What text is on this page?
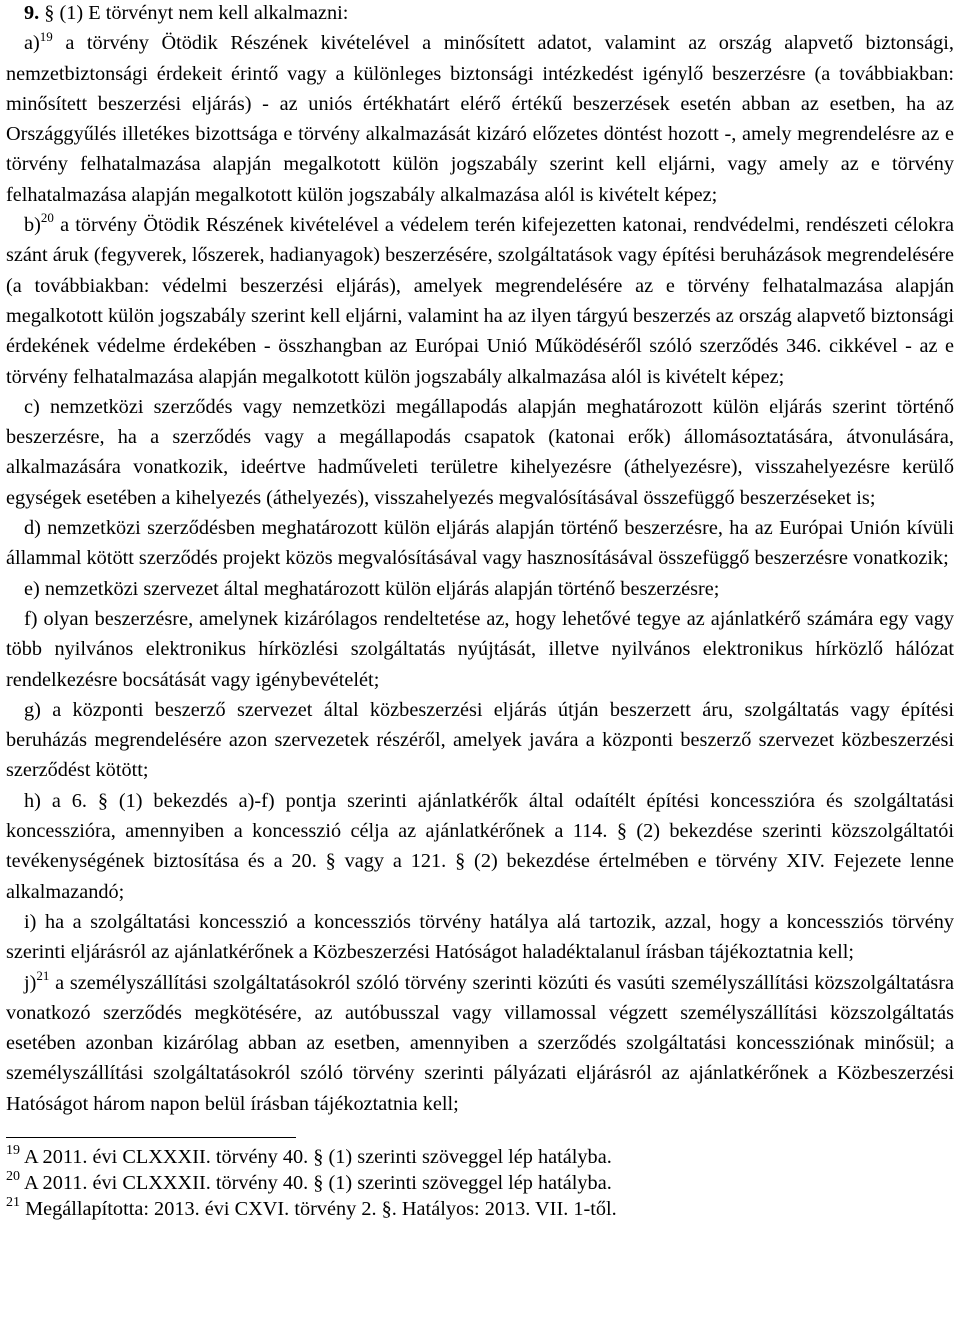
9. § (1) E törvényt nem kell alkalmazni:

a)$^{19}$ a törvény Ötödik Részének kivételével a minősített adatot, valamint az ország alapvető biztonsági, nemzetbiztonsági érdekeit érintő vagy a különleges biztonsági intézkedést igénylő beszerzésre (a továbbiakban: minősített beszerzési eljárás) - az uniós értékhatárt elérő értékű beszerzések esetén abban az esetben, ha az Országgyűlés illetékes bizottsága e törvény alkalmazását kizáró előzetes döntést hozott -, amely megrendelésre az e törvény felhatalmazása alapján megalkotott külön jogszabály szerint kell eljárni, vagy amely az e törvény felhatalmazása alapján megalkotott külön jogszabály alkalmazása alól is kivételt képez;

b)$^{20}$ a törvény Ötödik Részének kivételével a védelem terén kifejezetten katonai, rendvédelmi, rendészeti célokra szánt áruk (fegyverek, lőszerek, hadianyagok) beszerzésére, szolgáltatások vagy építési beruházások megrendelésére (a továbbiakban: védelmi beszerzési eljárás), amelyek megrendelésére az e törvény felhatalmazása alapján megalkotott külön jogszabály szerint kell eljárni, valamint ha az ilyen tárgyú beszerzés az ország alapvető biztonsági érdekének védelme érdekében - összhangban az Európai Unió Működéséről szóló szerződés 346. cikkével - az e törvény felhatalmazása alapján megalkotott külön jogszabály alkalmazása alól is kivételt képez;

c) nemzetközi szerződés vagy nemzetközi megállapodás alapján meghatározott külön eljárás szerint történő beszerzésre, ha a szerződés vagy a megállapodás csapatok (katonai erők) állomásoztatására, átvonulására, alkalmazására vonatkozik, ideértve hadműveleti területre kihelyezésre (áthelyezésre), visszahelyezésre kerülő egységek esetében a kihelyezés (áthelyezés), visszahelyezés megvalósításával összefüggő beszerzéseket is;

d) nemzetközi szerződésben meghatározott külön eljárás alapján történő beszerzésre, ha az Európai Unión kívüli állammal kötött szerződés projekt közös megvalósításával vagy hasznosításával összefüggő beszerzésre vonatkozik;

e) nemzetközi szervezet által meghatározott külön eljárás alapján történő beszerzésre;

f) olyan beszerzésre, amelynek kizárólagos rendeltetése az, hogy lehetővé tegye az ajánlatkérő számára egy vagy több nyilvános elektronikus hírközlési szolgáltatás nyújtását, illetve nyilvános elektronikus hírközlő hálózat rendelkezésre bocsátását vagy igénybevételét;

g) a központi beszerző szervezet által közbeszerzési eljárás útján beszerzett áru, szolgáltatás vagy építési beruházás megrendelésére azon szervezetek részéről, amelyek javára a központi beszerző szervezet közbeszerzési szerződést kötött;

h) a 6. § (1) bekezdés a)-f) pontja szerinti ajánlatkérők által odaítélt építési koncesszióra és szolgáltatási koncesszióra, amennyiben a koncesszió célja az ajánlatkérőnek a 114. § (2) bekezdése szerinti közszolgáltatói tevékenységének biztosítása és a 20. § vagy a 121. § (2) bekezdése értelmében e törvény XIV. Fejezete lenne alkalmazandó;

i) ha a szolgáltatási koncesszió a koncessziós törvény hatálya alá tartozik, azzal, hogy a koncessziós törvény szerinti eljárásról az ajánlatkérőnek a Közbeszerzési Hatóságot haladéktalanul írásban tájékoztatnia kell;

j)$^{21}$ a személyszállítási szolgáltatásokról szóló törvény szerinti közúti és vasúti személyszállítási közszolgáltatásra vonatkozó szerződés megkötésére, az autóbusszal vagy villamossal végzett személyszállítási közszolgáltatás esetében azonban kizárólag abban az esetben, amennyiben a szerződés szolgáltatási koncessziónak minősül; a személyszállítási szolgáltatásokról szóló törvény szerinti pályázati eljárásról az ajánlatkérőnek a Közbeszerzési Hatóságot három napon belül írásban tájékoztatnia kell;

$^{19}$ A 2011. évi CLXXXII. törvény 40. § (1) szerinti szöveggel lép hatályba.

$^{20}$ A 2011. évi CLXXXII. törvény 40. § (1) szerinti szöveggel lép hatályba.

$^{21}$ Megállapította: 2013. évi CXVI. törvény 2. §. Hatályos: 2013. VII. 1-től.
